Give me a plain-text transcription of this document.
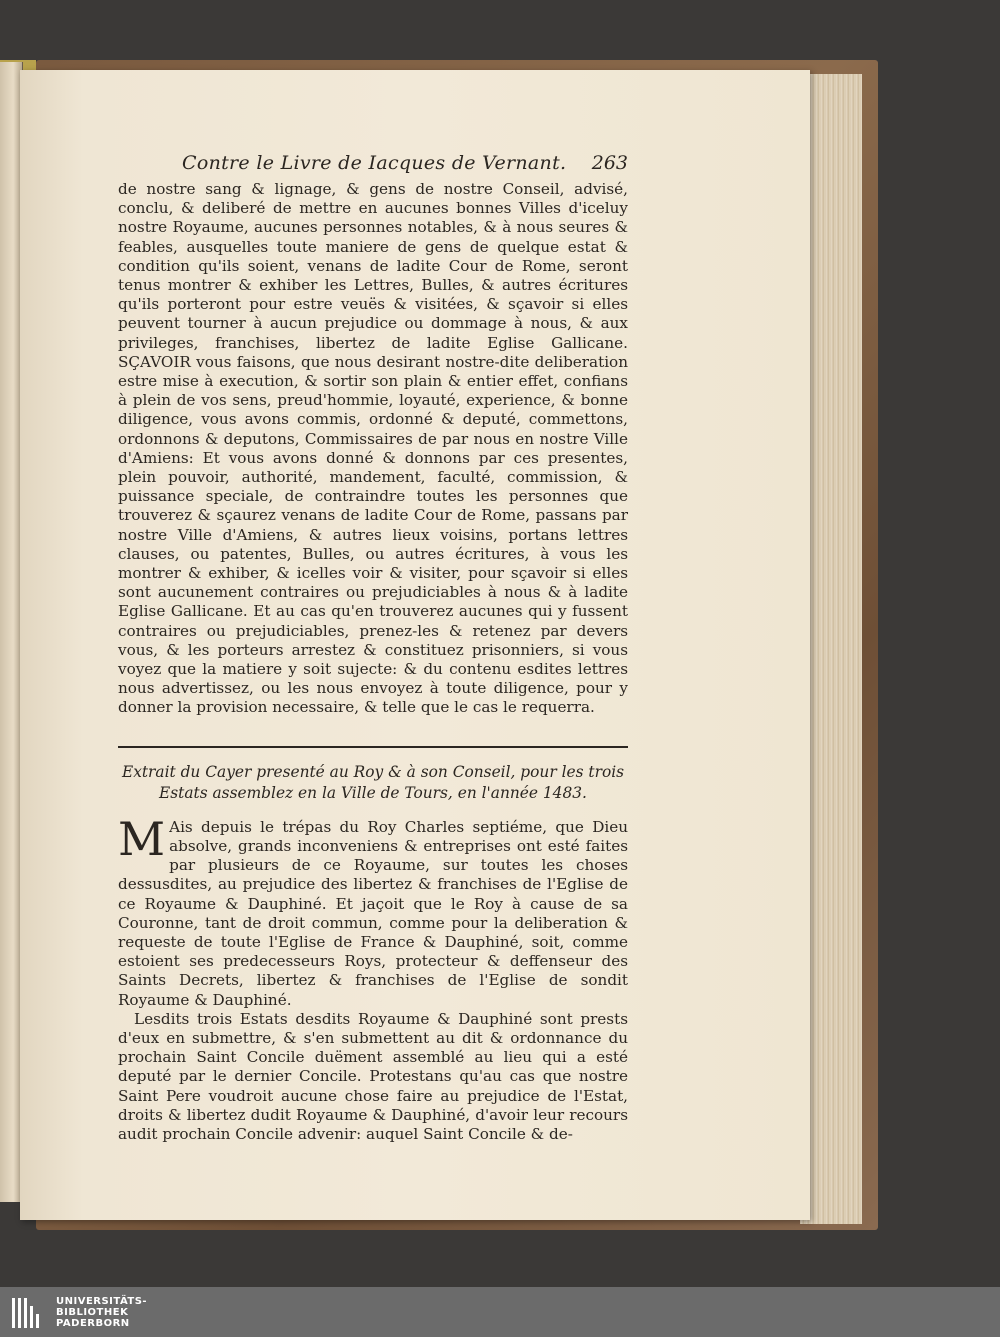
Contre le Livre de Iacques de Vernant. 263

de nostre sang & lignage, & gens de nostre Conseil, advisé, conclu, & deliberé de mettre en aucunes bonnes Villes d'iceluy nostre Royaume, aucunes personnes notables, & à nous seures & feables, ausquelles toute maniere de gens de quelque estat & condition qu'ils soient, venans de ladite Cour de Rome, seront tenus montrer & exhiber les Lettres, Bulles, & autres écritures qu'ils porteront pour estre veuës & visitées, & sçavoir si elles peuvent tourner à aucun prejudice ou dommage à nous, & aux privileges, franchises, libertez de ladite Eglise Gallicane. SÇAVOIR vous faisons, que nous desirant nostre-dite deliberation estre mise à execution, & sortir son plain & entier effet, confians à plein de vos sens, preud'hommie, loyauté, experience, & bonne diligence, vous avons commis, ordonné & deputé, commettons, ordonnons & deputons, Commissaires de par nous en nostre Ville d'Amiens: Et vous avons donné & donnons par ces presentes, plein pouvoir, authorité, mandement, faculté, commission, & puissance speciale, de contraindre toutes les personnes que trouverez & sçaurez venans de ladite Cour de Rome, passans par nostre Ville d'Amiens, & autres lieux voisins, portans lettres clauses, ou patentes, Bulles, ou autres écritures, à vous les montrer & exhiber, & icelles voir & visiter, pour sçavoir si elles sont aucunement contraires ou prejudiciables à nous & à ladite Eglise Gallicane. Et au cas qu'en trouverez aucunes qui y fussent contraires ou prejudiciables, prenez-les & retenez par devers vous, & les porteurs arrestez & constituez prisonniers, si vous voyez que la matiere y soit sujecte: & du contenu esdites lettres nous advertissez, ou les nous envoyez à toute diligence, pour y donner la provision necessaire, & telle que le cas le requerra.

Extrait du Cayer presenté au Roy & à son Conseil, pour les trois
Estats assemblez en la Ville de Tours, en l'année 1483.

M Ais depuis le trépas du Roy Charles septiéme, que Dieu absolve, grands inconveniens & entreprises ont esté faites par plusieurs de ce Royaume, sur toutes les choses dessusdites, au prejudice des libertez & franchises de l'Eglise de ce Royaume & Dauphiné. Et jaçoit que le Roy à cause de sa Couronne, tant de droit commun, comme pour la deliberation & requeste de toute l'Eglise de France & Dauphiné, soit, comme estoient ses predecesseurs Roys, protecteur & deffenseur des Saints Decrets, libertez & franchises de l'Eglise de sondit Royaume & Dauphiné.

Lesdits trois Estats desdits Royaume & Dauphiné sont prests d'eux en submettre, & s'en submettent au dit & ordonnance du prochain Saint Concile duëment assemblé au lieu qui a esté deputé par le dernier Concile. Protestans qu'au cas que nostre Saint Pere voudroit aucune chose faire au prejudice de l'Estat, droits & libertez dudit Royaume & Dauphiné, d'avoir leur recours audit prochain Concile advenir: auquel Saint Concile & de-

UNIVERSITÄTS-
BIBLIOTHEK
PADERBORN
